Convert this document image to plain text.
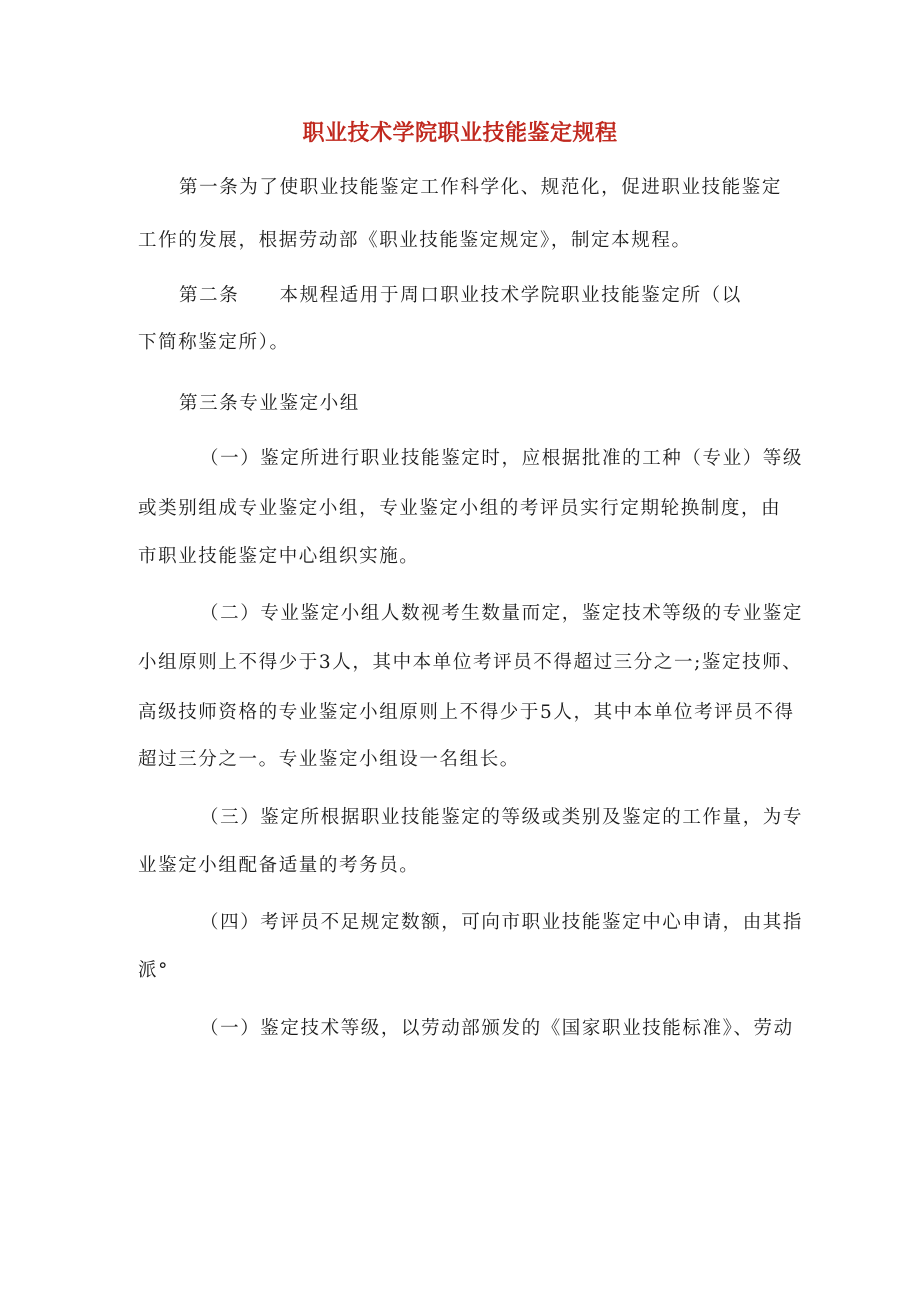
职业技术学院职业技能鉴定规程
第一条为了使职业技能鉴定工作科学化、规范化，促进职业技能鉴定
工作的发展，根据劳动部《职业技能鉴定规定》，制定本规程。
第二条　　本规程适用于周口职业技术学院职业技能鉴定所（以
下简称鉴定所）。
第三条专业鉴定小组
（一）鉴定所进行职业技能鉴定时，应根据批准的工种（专业）等级
或类别组成专业鉴定小组，专业鉴定小组的考评员实行定期轮换制度，由
市职业技能鉴定中心组织实施。
（二）专业鉴定小组人数视考生数量而定，鉴定技术等级的专业鉴定
小组原则上不得少于3人，其中本单位考评员不得超过三分之一;鉴定技师、
高级技师资格的专业鉴定小组原则上不得少于5人，其中本单位考评员不得
超过三分之一。专业鉴定小组设一名组长。
（三）鉴定所根据职业技能鉴定的等级或类别及鉴定的工作量，为专
业鉴定小组配备适量的考务员。
（四）考评员不足规定数额，可向市职业技能鉴定中心申请，由其指
派°
（一）鉴定技术等级，以劳动部颁发的《国家职业技能标准》、劳动
